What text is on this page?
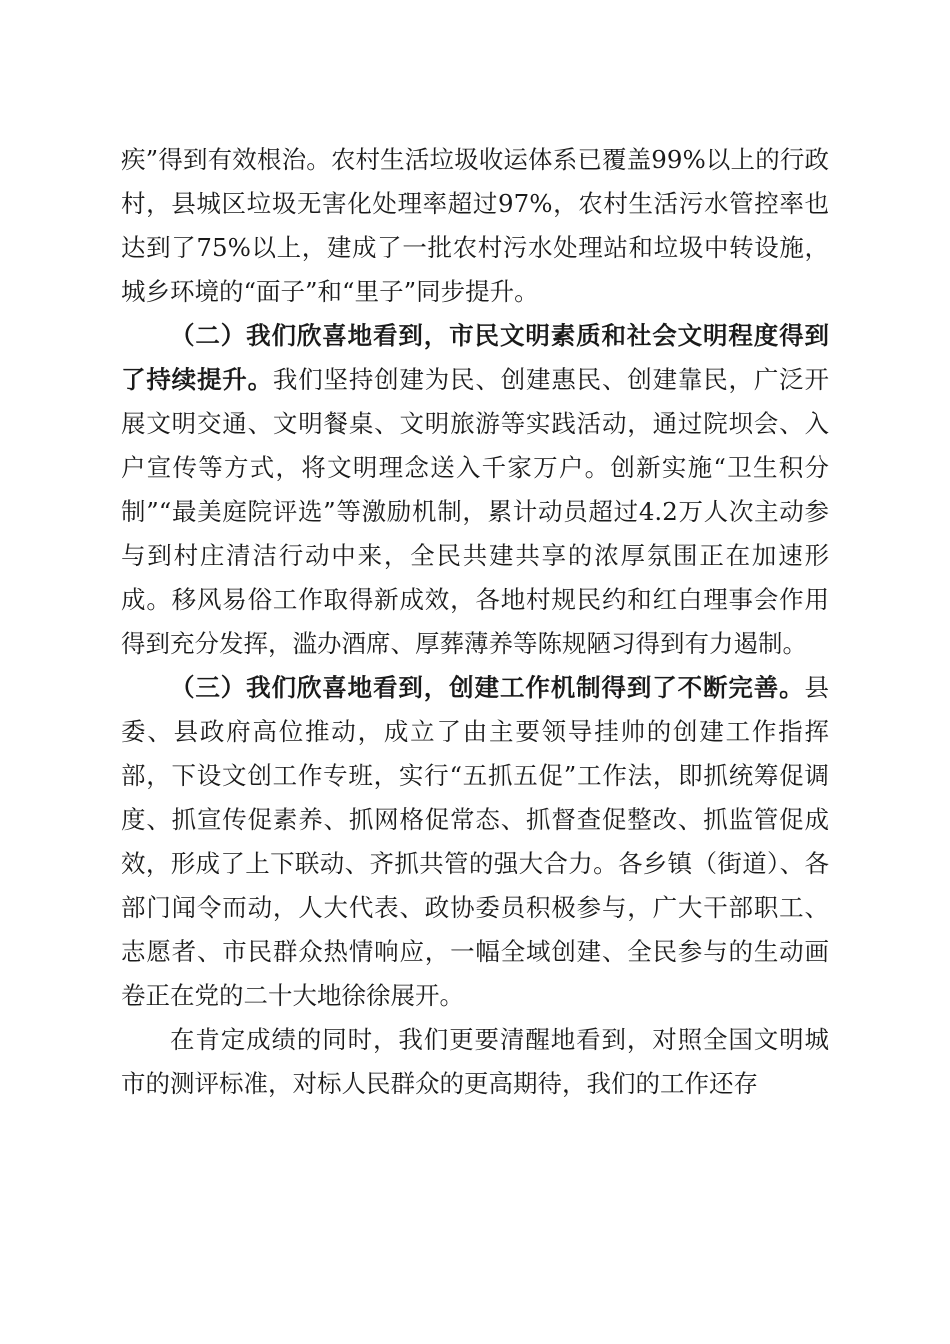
疾”得到有效根治。农村生活垃圾收运体系已覆盖99%以上的行政村，县城区垃圾无害化处理率超过97%，农村生活污水管控率也达到了75%以上，建成了一批农村污水处理站和垃圾中转设施，城乡环境的“面子”和“里子”同步提升。

（二）我们欣喜地看到，市民文明素质和社会文明程度得到了持续提升。我们坚持创建为民、创建惠民、创建靠民，广泛开展文明交通、文明餐桌、文明旅游等实践活动，通过院坝会、入户宣传等方式，将文明理念送入千家万户。创新实施“卫生积分制”“最美庭院评选”等激励机制，累计动员超过4.2万人次主动参与到村庄清洁行动中来，全民共建共享的浓厚氛围正在加速形成。移风易俗工作取得新成效，各地村规民约和红白理事会作用得到充分发挥，滥办酒席、厚葬薄养等陈规陋习得到有力遏制。

（三）我们欣喜地看到，创建工作机制得到了不断完善。县委、县政府高位推动，成立了由主要领导挂帅的创建工作指挥部，下设文创工作专班，实行“五抓五促”工作法，即抓统筹促调度、抓宣传促素养、抓网格促常态、抓督查促整改、抓监管促成效，形成了上下联动、齐抓共管的强大合力。各乡镇（街道）、各部门闻令而动，人大代表、政协委员积极参与，广大干部职工、志愿者、市民群众热情响应，一幅全域创建、全民参与的生动画卷正在党的二十大地徐徐展开。

在肯定成绩的同时，我们更要清醒地看到，对照全国文明城市的测评标准，对标人民群众的更高期待，我们的工作还存
